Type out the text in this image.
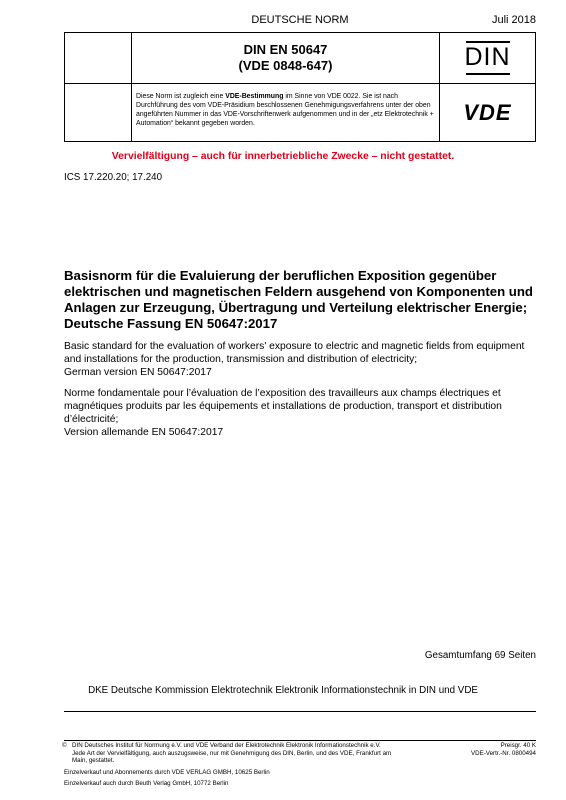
DEUTSCHE NORM	Juli 2018
DIN EN 50647
(VDE 0848-647)	DIN
Diese Norm ist zugleich eine VDE-Bestimmung im Sinne von VDE 0022. Sie ist nach Durchführung des vom VDE-Präsidium beschlossenen Genehmigungsverfahrens unter der oben angeführten Nummer in das VDE-Vorschriftenwerk aufgenommen und in der „etz Elektrotechnik + Automation“ bekannt gegeben worden.	VDE
Vervielfältigung – auch für innerbetriebliche Zwecke – nicht gestattet.
ICS 17.220.20; 17.240
Basisnorm für die Evaluierung der beruflichen Exposition gegenüber elektrischen und magnetischen Feldern ausgehend von Komponenten und Anlagen zur Erzeugung, Übertragung und Verteilung elektrischer Energie; Deutsche Fassung EN 50647:2017
Basic standard for the evaluation of workers' exposure to electric and magnetic fields from equipment and installations for the production, transmission and distribution of electricity;
German version EN 50647:2017
Norme fondamentale pour l’évaluation de l’exposition des travailleurs aux champs électriques et magnétiques produits par les équipements et installations de production, transport et distribution d’électricité;
Version allemande EN 50647:2017
Gesamtumfang 69 Seiten
DKE Deutsche Kommission Elektrotechnik Elektronik Informationstechnik in DIN und VDE
© DIN Deutsches Institut für Normung e.V. und VDE Verband der Elektrotechnik Elektronik Informationstechnik e.V. Jede Art der Vervielfältigung, auch auszugsweise, nur mit Genehmigung des DIN, Berlin, und des VDE, Frankfurt am Main, gestattet.
Preisgr. 40 K
VDE-Vertr.-Nr. 0800494
Einzelverkauf und Abonnements durch VDE VERLAG GMBH, 10625 Berlin
Einzelverkauf auch durch Beuth Verlag GmbH, 10772 Berlin
